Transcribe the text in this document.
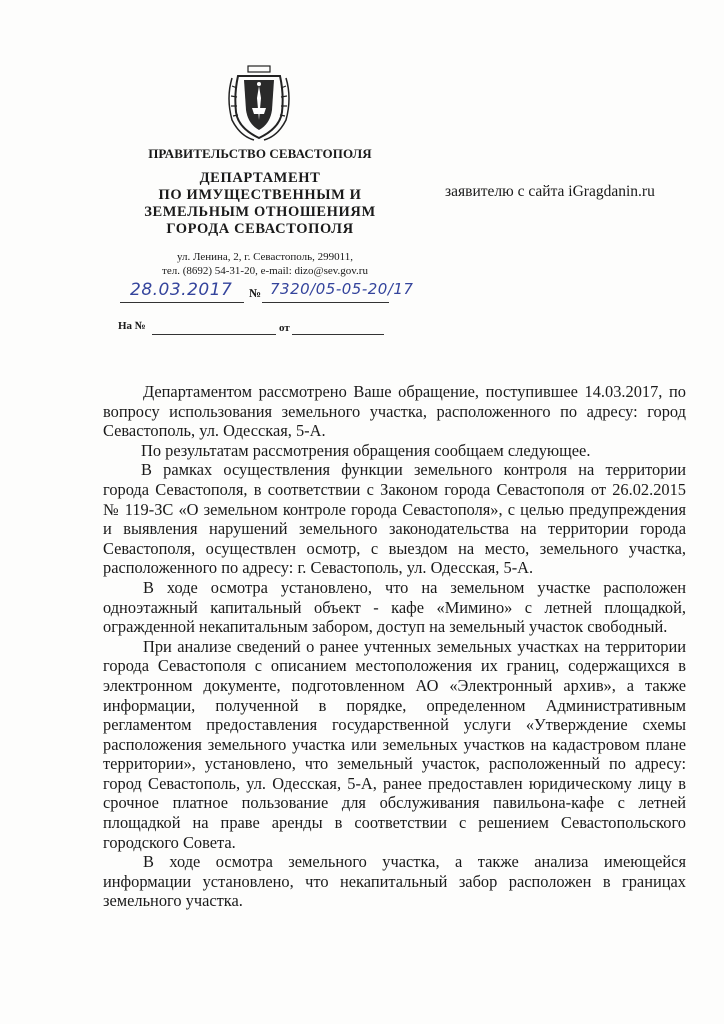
ПРАВИТЕЛЬСТВО СЕВАСТОПОЛЯ
ДЕПАРТАМЕНТ
ПО ИМУЩЕСТВЕННЫМ И
ЗЕМЕЛЬНЫМ ОТНОШЕНИЯМ
ГОРОДА СЕВАСТОПОЛЯ
ул. Ленина, 2, г. Севастополь, 299011,
тел. (8692) 54-31-20, e-mail: dizo@sev.gov.ru
28.03.2017 № 7320/05-05-20/17
На №	от
заявителю с сайта iGragdanin.ru

Департаментом рассмотрено Ваше обращение, поступившее 14.03.2017, по вопросу использования земельного участка, расположенного по адресу: город Севастополь, ул. Одесская, 5-А.

По результатам рассмотрения обращения сообщаем следующее.

В рамках осуществления функции земельного контроля на территории города Севастополя, в соответствии с Законом города Севастополя от 26.02.2015 № 119-ЗС «О земельном контроле города Севастополя», с целью предупреждения и выявления нарушений земельного законодательства на территории города Севастополя, осуществлен осмотр, с выездом на место, земельного участка, расположенного по адресу: г. Севастополь, ул. Одесская, 5-А.

В ходе осмотра установлено, что на земельном участке расположен одноэтажный капитальный объект - кафе «Мимино» с летней площадкой, огражденной некапитальным забором, доступ на земельный участок свободный.

При анализе сведений о ранее учтенных земельных участках на территории города Севастополя с описанием местоположения их границ, содержащихся в электронном документе, подготовленном АО «Электронный архив», а также информации, полученной в порядке, определенном Административным регламентом предоставления государственной услуги «Утверждение схемы расположения земельного участка или земельных участков на кадастровом плане территории», установлено, что земельный участок, расположенный по адресу: город Севастополь, ул. Одесская, 5-А, ранее предоставлен юридическому лицу в срочное платное пользование для обслуживания павильона-кафе с летней площадкой на праве аренды в соответствии с решением Севастопольского городского Совета.

В ходе осмотра земельного участка, а также анализа имеющейся информации установлено, что некапитальный забор расположен в границах земельного участка.
